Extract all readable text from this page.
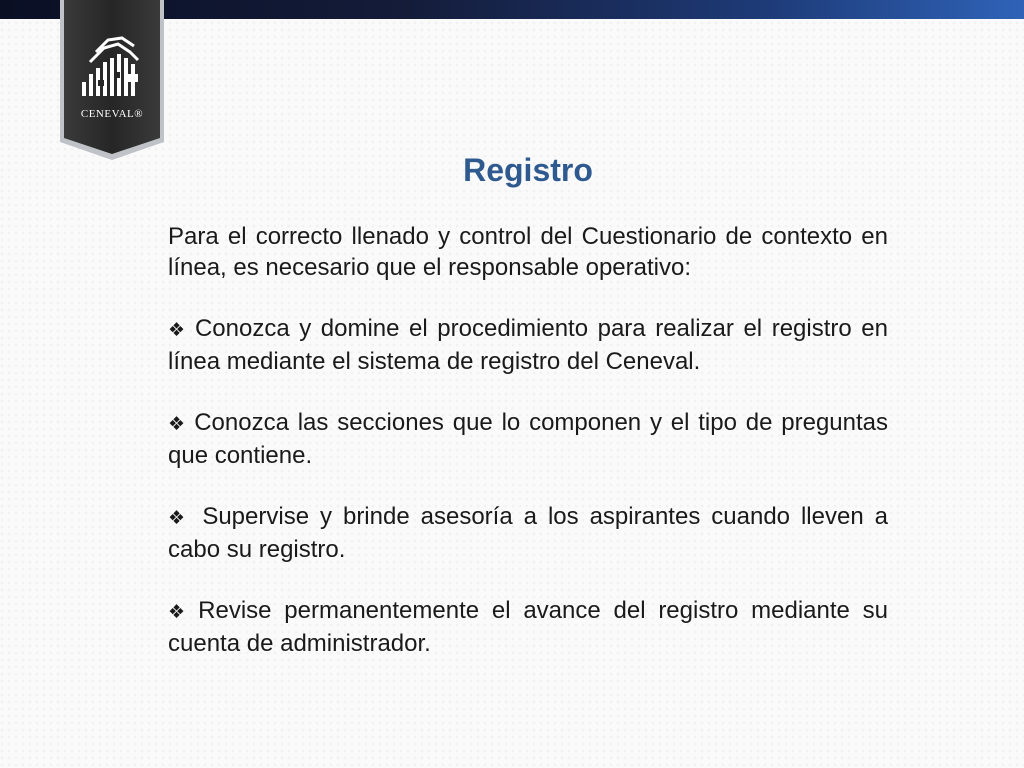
CENEVAL®
Registro

Para el correcto llenado y control del Cuestionario de contexto en línea, es necesario que el responsable operativo:

❖ Conozca y domine el procedimiento para realizar el registro en línea mediante el sistema de registro del Ceneval.

❖ Conozca las secciones que lo componen y el tipo de preguntas que contiene.

❖ Supervise y brinde asesoría a los aspirantes cuando lleven a cabo su registro.

❖ Revise permanentemente el avance del registro mediante su cuenta de administrador.
